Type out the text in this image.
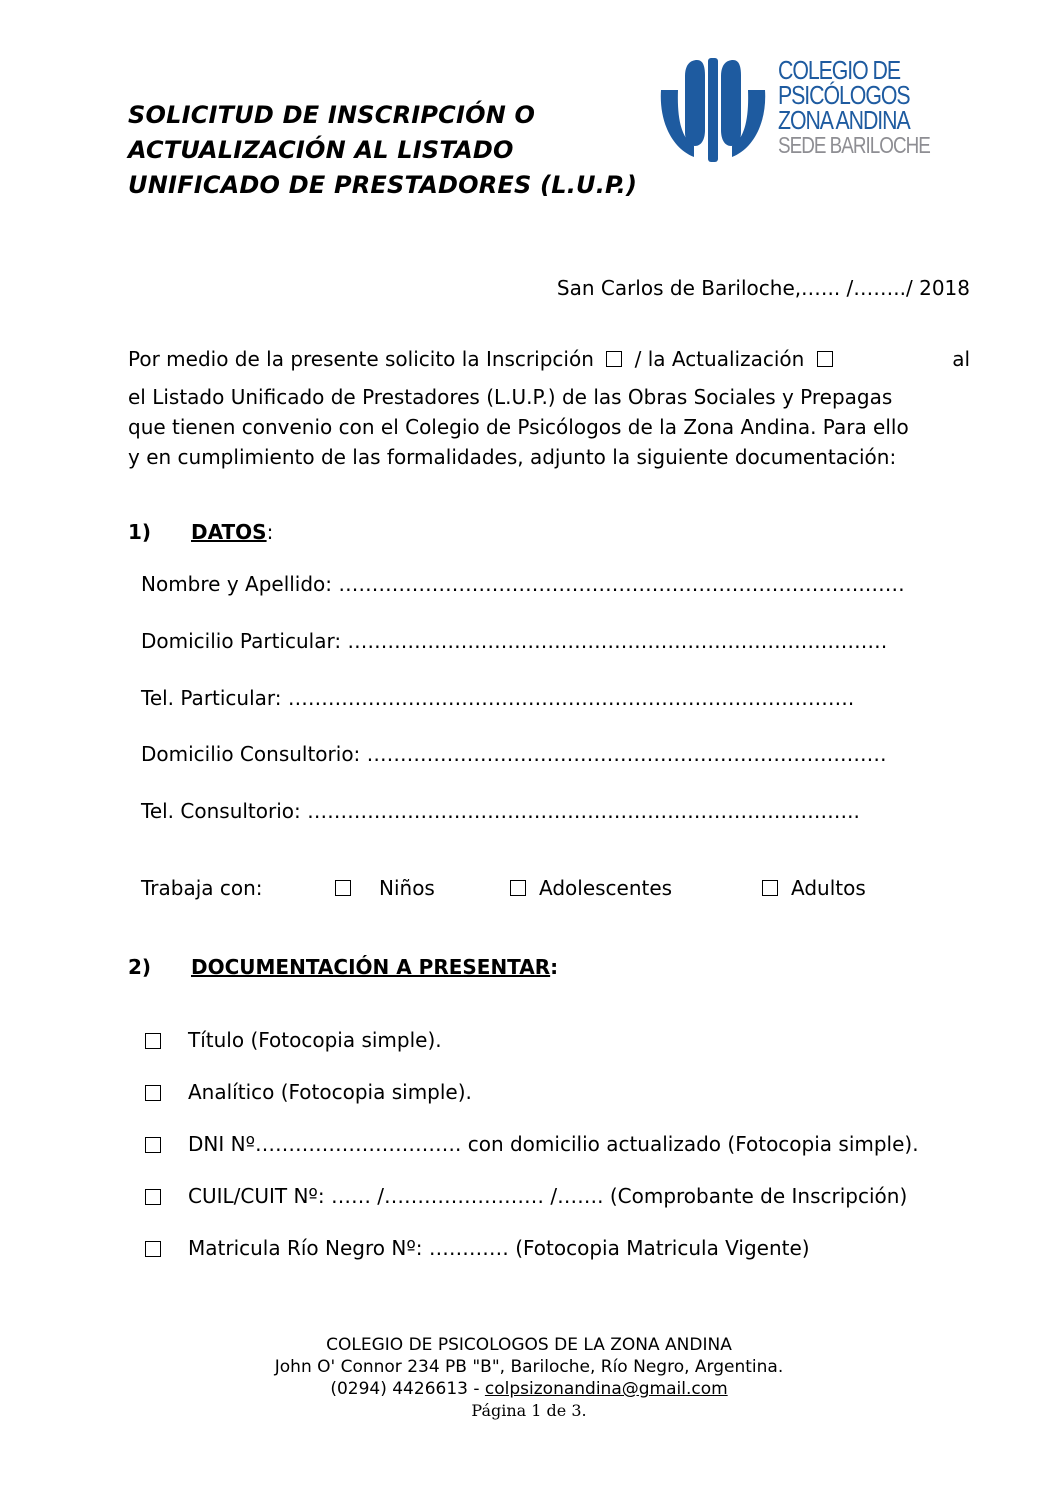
SOLICITUD DE INSCRIPCIÓN O
ACTUALIZACIÓN AL LISTADO
UNIFICADO DE PRESTADORES (L.U.P.)
COLEGIO DE
PSICÓLOGOS
ZONA ANDINA
SEDE BARILOCHE
San Carlos de Bariloche,.….. /……../ 2018
Por medio de la presente solicito la Inscripción / la Actualización	al
el Listado Unificado de Prestadores (L.U.P.) de las Obras Sociales y Prepagas
que tienen convenio con el Colegio de Psicólogos de la Zona Andina. Para ello
y en cumplimiento de las formalidades, adjunto la siguiente documentación:
1) DATOS:
Nombre y Apellido: …………………………………………………………………….……
Domicilio Particular: ………………………………………………………………………
Tel. Particular: ………………………………………………………………………….
Domicilio Consultorio: ……………………………………………………………………
Tel. Consultorio: ………………………………………………………………………..
Trabaja con:	Niños	Adolescentes	Adultos
2) DOCUMENTACIÓN A PRESENTAR:
Título (Fotocopia simple).
Analítico (Fotocopia simple).
DNI Nº…………………………. con domicilio actualizado (Fotocopia simple).
CUIL/CUIT Nº: …… /…………………… /……. (Comprobante de Inscripción)
Matricula Río Negro Nº: ………… (Fotocopia Matricula Vigente)
COLEGIO DE PSICOLOGOS DE LA ZONA ANDINA
John O' Connor 234 PB "B", Bariloche, Río Negro, Argentina.
(0294) 4426613 - colpsizonandina@gmail.com
Página 1 de 3.
